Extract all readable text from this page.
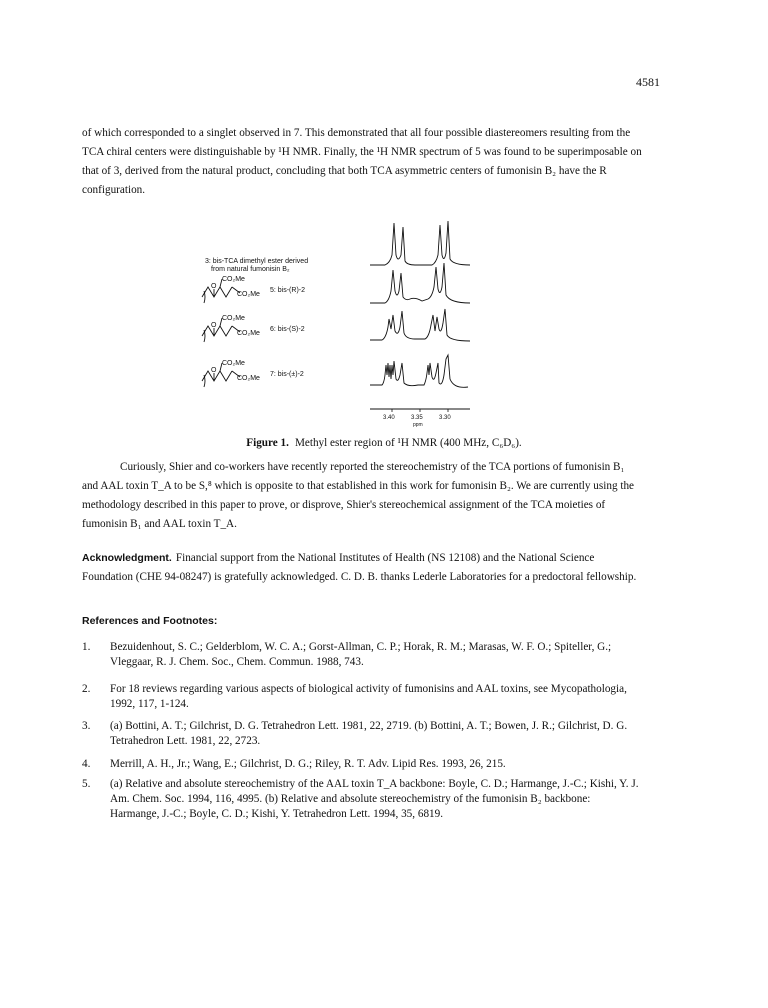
4581

of which corresponded to a singlet observed in 7. This demonstrated that all four possible diastereomers resulting from the TCA chiral centers were distinguishable by ¹H NMR. Finally, the ¹H NMR spectrum of 5 was found to be superimposable on that of 3, derived from the natural product, concluding that both TCA asymmetric centers of fumonisin B₂ have the R configuration.

3: bis-TCA dimethyl ester derived
from natural fumonisin B₂
CO₂Me
O
CO₂Me
5: bis-(R)-2
CO₂Me
O
CO₂Me
6: bis-(S)-2
CO₂Me
O
CO₂Me
7: bis-(±)-2
3.40	3.35	3.30
ppm
Figure 1. Methyl ester region of ¹H NMR (400 MHz, C₆D₆).

Curiously, Shier and co-workers have recently reported the stereochemistry of the TCA portions of fumonisin B₁ and AAL toxin T_A to be S,⁸ which is opposite to that established in this work for fumonisin B₂. We are currently using the methodology described in this paper to prove, or disprove, Shier's stereochemical assignment of the TCA moieties of fumonisin B₁ and AAL toxin T_A.

Acknowledgment. Financial support from the National Institutes of Health (NS 12108) and the National Science Foundation (CHE 94-08247) is gratefully acknowledged. C. D. B. thanks Lederle Laboratories for a predoctoral fellowship.

References and Footnotes:
1.	Bezuidenhout, S. C.; Gelderblom, W. C. A.; Gorst-Allman, C. P.; Horak, R. M.; Marasas, W. F. O.; Spiteller, G.; Vleggaar, R. J. Chem. Soc., Chem. Commun. 1988, 743.
2.	For 18 reviews regarding various aspects of biological activity of fumonisins and AAL toxins, see Mycopathologia, 1992, 117, 1-124.
3.	(a) Bottini, A. T.; Gilchrist, D. G. Tetrahedron Lett. 1981, 22, 2719. (b) Bottini, A. T.; Bowen, J. R.; Gilchrist, D. G. Tetrahedron Lett. 1981, 22, 2723.
4.	Merrill, A. H., Jr.; Wang, E.; Gilchrist, D. G.; Riley, R. T. Adv. Lipid Res. 1993, 26, 215.
5.	(a) Relative and absolute stereochemistry of the AAL toxin T_A backbone: Boyle, C. D.; Harmange, J.-C.; Kishi, Y. J. Am. Chem. Soc. 1994, 116, 4995. (b) Relative and absolute stereochemistry of the fumonisin B₂ backbone: Harmange, J.-C.; Boyle, C. D.; Kishi, Y. Tetrahedron Lett. 1994, 35, 6819.
